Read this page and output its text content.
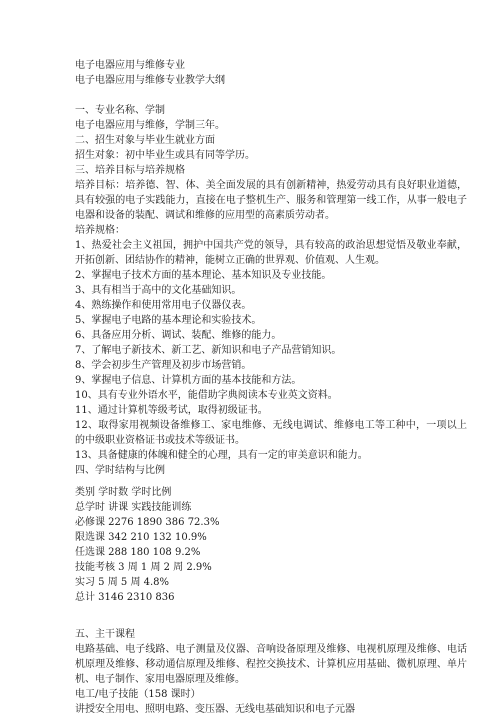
电子电器应用与维修专业
电子电器应用与维修专业教学大纲
一、专业名称、学制
电子电器应用与维修，学制三年。
二、招生对象与毕业生就业方面
招生对象：初中毕业生或具有同等学历。
三、培养目标与培养规格
培养目标：培养德、智、体、美全面发展的具有创新精神，热爱劳动具有良好职业道德，具有较强的电子实践能力，直接在电子整机生产、服务和管理第一线工作，从事一般电子电器和设备的装配、调试和维修的应用型的高素质劳动者。
培养规格：
1、热爱社会主义祖国，拥护中国共产党的领导，具有较高的政治思想觉悟及敬业奉献，开拓创新、团结协作的精神，能树立正确的世界观、价值观、人生观。
2、掌握电子技术方面的基本理论、基本知识及专业技能。
3、具有相当于高中的文化基础知识。
4、熟练操作和使用常用电子仪器仪表。
5、掌握电子电路的基本理论和实验技术。
6、具备应用分析、调试、装配、维修的能力。
7、了解电子新技术、新工艺、新知识和电子产品营销知识。
8、学会初步生产管理及初步市场营销。
9、掌握电子信息、计算机方面的基本技能和方法。
10、具有专业外语水平，能借助字典阅读本专业英文资料。
11、通过计算机等级考试，取得初级证书。
12、取得家用视频设备维修工、家电维修、无线电调试、维修电工等工种中，一项以上的中级职业资格证书或技术等级证书。
13、具备健康的体魄和健全的心理，具有一定的审美意识和能力。
四、学时结构与比例
类别 学时数 学时比例
总学时 讲课 实践技能训练
必修课 2276 1890 386 72.3%
限选课 342 210 132 10.9%
任选课 288 180 108 9.2%
技能考核 3 周 1 周 2 周 2.9%
实习 5 周 5 周 4.8%
总计 3146 2310 836
五、主干课程
电路基础、电子线路、电子测量及仪器、音响设备原理及维修、电视机原理及维修、电话机原理及维修、移动通信原理及维修、程控交换技术、计算机应用基础、微机原理、单片机、电子制作、家用电器原理及维修。
电工/电子技能（158 课时）
讲授安全用电、照明电路、变压器、无线电基础知识和电子元器
